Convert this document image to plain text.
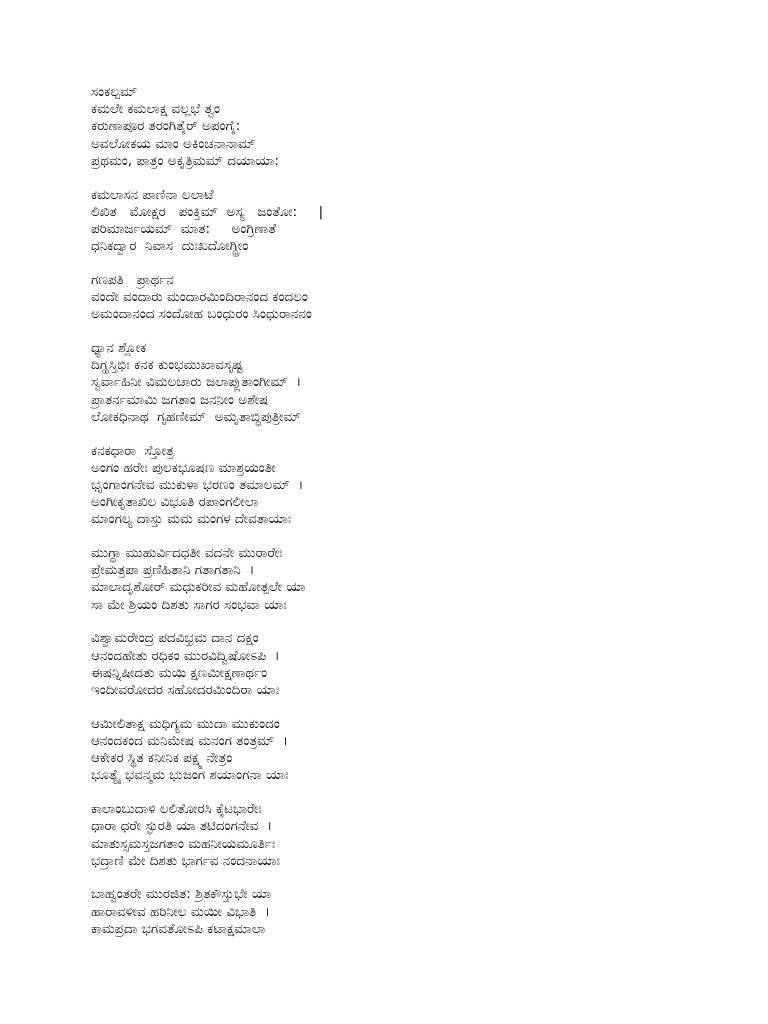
ಸಂಕಲ್ಪಮ್
ಕಮಲೇ ಕಮಲಾಕ್ಷ ವಲ್ಲಭೆ ತ್ವಂ
ಕರುಣಾಪೂರ ತರಂಗಿತೈರ್ ಅಪಂಗೈ:
ಅವಲೋಕಯ ಮಾಂ ಅಕಿಂಚನಾನಾಮ್
ಪ್ರಥಮಂ, ಪಾತ್ರಂ ಅಕೃತ್ರಿಮಮ್ ದಯಾಯಾ:
ಕಮಲಾಸನ ಪಾಣಿನಾ ಲಲಾಟೆ
ಲಿಖಿತ   ಮೋಕ್ಷರ   ಪಂಕ್ತಿಮ್  ಅಸ್ಯ   ಜಂತೋ:     |
ಪರಿಮಾರ್ಜಯಮ್  ಮಾತ:     ಅಂಗ್ರಿಣಾತೆ
ಧನಿಕದ್ವಾರ  ನಿವಾಸ  ದುಃಖದೋಗ್ಧ್ರೀಂ
ಗಣಪತಿ   ಪ್ರಾರ್ಥನ
ವಂದೇ ವಂದಾರು ಮಂದಾರಮಿಂದಿರಾನಂದ ಕಂದಲಂ
ಅಮಂದಾನಂದ ಸಂದೋಹ ಬಂಧುರಂ ಸಿಂಧುರಾನನಂ
ಧ್ಯಾನ ಶ್ಲೋಕ
ದಿಗ್ಹಸ್ತಿಭಿಃ ಕನಕ ಕುಂಭಮುಖಾವಸೃಷ್ಟ
ಸ್ವರ್ವಾಹಿನೀ ವಿಮಲಚಾರು ಜಲಾಪ್ಲುತಾಂಗೀಮ್  ।
ಪ್ರಾತರ್ನಮಾಮಿ ಜಗತಾಂ ಜನನೀಂ ಅಶೇಷ
ಲೋಕಧಿನಾಥ  ಗೃಹಣೀಮ್  ಅಮೃತಾಬ್ಧಿಪುತ್ರೀಮ್
ಕನಕಧಾರಾ  ಸ್ತೋತ್ರ
ಅಂಗಂ ಹರೇಃ ಪುಲಕಭೂಷಣ ಮಾಶ್ರಯಂತೀ
ಭೃಂಗಾಂಗನೇವ ಮುಕುಳಾ ಭರಣಂ ತಮಾಲಮ್  ।
ಅಂಗೀಕೃತಾಖಿಲ ವಿಭೂತಿ ರಪಾಂಗಲೀಲಾ
ಮಾಂಗಲ್ಯ ದಾಸ್ತು ಮಮ ಮಂಗಳ ದೇವತಾಯಾಃ
ಮುಗ್ಧಾ ಮುಹುರ್ವಿದಧತೀ ವದನೇ ಮುರಾರೇಃ
ಪ್ರೇಮತ್ರಪಾ ಪ್ರಣಿಹಿತಾನಿ ಗತಾಗತಾನಿ  ।
ಮಾಲಾದೃಶೋರ್ ಮಧುಕರೀವ ಮಹೋತ್ಪಲೇ ಯಾ
ಸಾ ಮೇ ಶ್ರಿಯಂ ದಿಶತು ಸಾಗರ ಸಂಭವಾ ಯಾಃ
ವಿಶ್ವಾಮರೇಂದ್ರ ಪದವಿಭ್ರಮ ದಾನ ದಕ್ಷಂ
ಆನಂದಹೇತು ರಧಿಕಂ ಮುರವಿದ್ವಿಷೋಽಪಿ  ।
ಈಷನ್ನಿಷೀದತು ಮಯಿ ಕ್ಷಣಮೀಕ್ಷಣಾರ್ಥಂ
ಇಂದೀವರೋದರ ಸಹೋದರಮಿಂದಿರಾ ಯಾಃ
ಆಮೀಲಿತಾಕ್ಷ ಮಧಿಗ್ಯಮ ಮುದಾ ಮುಕುಂದಂ
ಆನಂದಕಂದ ಮನಿಮೇಷ ಮನಂಗ ತಂತ್ರಮ್  ।
ಆಕೇಕರ ಸ್ಥಿತ ಕನೀನಿಕ ಪಕ್ಷ್ಮ ನೇತ್ರಂ
ಭೂತ್ಯೈ ಭವನ್ಮಮ ಭುಜಂಗ ಶಯಾಂಗನಾ ಯಾಃ
ಕಾಲಾಂಬುದಾಳಿ ಲಲಿತೋರಸಿ ಕೈಟಭಾರೇಃ
ಧಾರಾ ಧರೇ ಸ್ಫುರತಿ ಯಾ ತಟಿದಂಗನೇವ  ।
ಮಾತುಸ್ಸಮಸ್ತಜಗತಾಂ ಮಹನೀಯಮೂರ್ತಿಃ
ಭದ್ರಾಣಿ ಮೇ ದಿಶತು ಭಾರ್ಗವ ನಂದನಾಯಾಃ
ಬಾಹ್ವಂತರೇ ಮುರಜಿತ: ಶ್ರಿತಕೌಸ್ತುಭೇ ಯಾ
ಹಾರಾವಳೀವ ಹರಿನೀಲ ಮಯೀ ವಿಭಾತಿ  ।
ಕಾಮಪ್ರದಾ ಭಗವತೋಽಪಿ ಕಟಾಕ್ಷಮಾಲಾ
